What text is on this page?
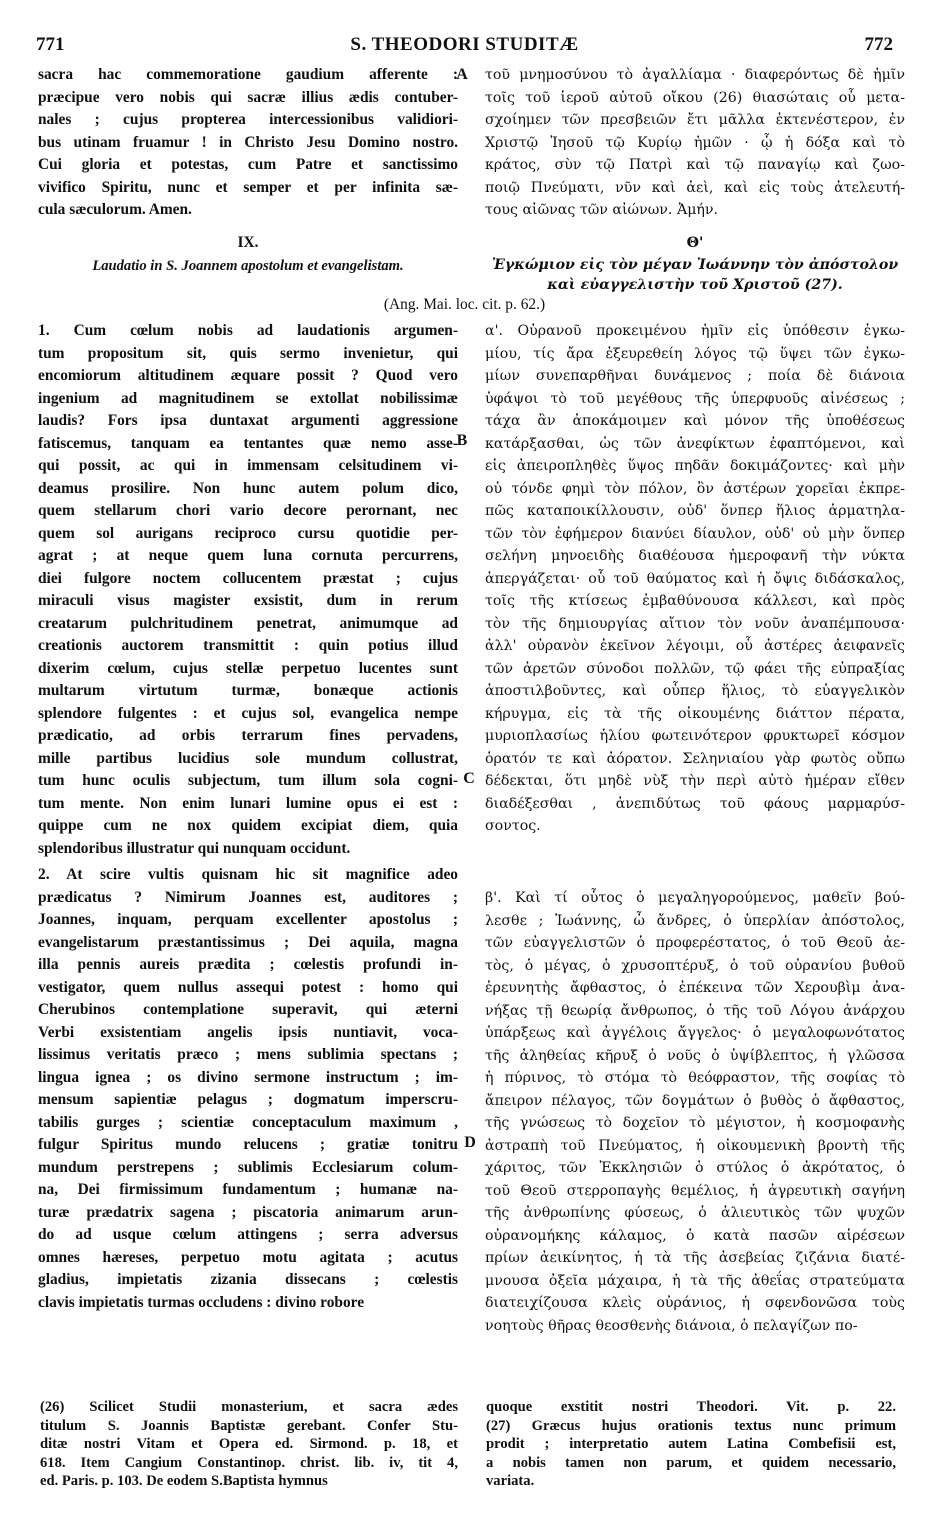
771	S. THEODORI STUDITÆ	772
sacra hac commemoratione gaudium afferente :
præcipue vero nobis qui sacræ illius ædis contuber-
nales ; cujus propterea intercessionibus validiori-
bus utinam fruamur ! in Christo Jesu Domino nostro.
Cui gloria et potestas, cum Patre et sanctissimo
vivifico Spiritu, nunc et semper et per infinita sæ-
cula sæculorum. Amen.
τοῦ μνημοσύνου τὸ ἀγαλλίαμα · διαφερόντως δὲ ἡμῖν
τοῖς τοῦ ἱεροῦ αὐτοῦ οἴκου (26) θιασώταις οὗ μετα-
σχοίημεν τῶν πρεσβειῶν ἔτι μᾶλλα ἐκτενέστερον, ἐν
Χριστῷ Ἰησοῦ τῷ Κυρίῳ ἡμῶν · ᾧ ἡ δόξα καὶ τὸ
κράτος, σὺν τῷ Πατρὶ καὶ τῷ παναγίῳ καὶ ζωο-
ποιῷ Πνεύματι, νῦν καὶ ἀεὶ, καὶ εἰς τοὺς ἀτελευτή-
τους αἰῶνας τῶν αἰώνων. Ἀμήν.
A
IX.
Laudatio in S. Joannem apostolum et evangelistam.
Θ'
Ἐγκώμιον εἰς τὸν μέγαν Ἰωάννην τὸν ἀπόστολον
καὶ εὐαγγελιστὴν τοῦ Χριστοῦ (27).
(Ang. Mai. loc. cit. p. 62.)
1. Cum cœlum nobis ad laudationis argumen-
tum propositum sit, quis sermo invenietur, qui
encomiorum altitudinem æquare possit ? Quod vero
ingenium ad magnitudinem se extollat nobilissimæ
laudis? Fors ipsa duntaxat argumenti aggressione
fatiscemus, tanquam ea tentantes quæ nemo asse-
qui possit, ac qui in immensam celsitudinem vi-
deamus prosilire. Non hunc autem polum dico,
quem stellarum chori vario decore perornant, nec
quem sol aurigans reciproco cursu quotidie per-
agrat ; at neque quem luna cornuta percurrens,
diei fulgore noctem collucentem præstat ; cujus
miraculi visus magister exsistit, dum in rerum
creatarum pulchritudinem penetrat, animumque ad
creationis auctorem transmittit : quin potius illud
dixerim cœlum, cujus stellæ perpetuo lucentes sunt
multarum virtutum turmæ, bonæque actionis
splendore fulgentes : et cujus sol, evangelica nempe
prædicatio, ad orbis terrarum fines pervadens,
mille partibus lucidius sole mundum collustrat,
tum hunc oculis subjectum, tum illum sola cogni-
tum mente. Non enim lunari lumine opus ei est :
quippe cum ne nox quidem excipiat diem, quia
splendoribus illustratur qui nunquam occidunt.
α'. Οὐρανοῦ προκειμένου ἡμῖν εἰς ὑπόθεσιν ἐγκω-
μίου, τίς ἄρα ἐξευρεθείη λόγος τῷ ὕψει τῶν ἐγκω-
μίων συνεπαρθῆναι δυνάμενος ; ποία δὲ διάνοια
ὑφάψοι τὸ τοῦ μεγέθους τῆς ὑπερφυοῦς αἰνέσεως ;
τάχα ἂν ἀποκάμοιμεν καὶ μόνον τῆς ὑποθέσεως
κατάρξασθαι, ὡς τῶν ἀνεφίκτων ἐφαπτόμενοι, καὶ
εἰς ἀπειροπληθὲς ὕψος πηδᾶν δοκιμάζοντες· καὶ μὴν
οὐ τόνδε φημὶ τὸν πόλον, ὃν ἀστέρων χορεῖαι ἐκπρε-
πῶς καταποικίλλουσιν, οὐδ' ὅνπερ ἥλιος ἁρματηλα-
τῶν τὸν ἐφήμερον διανύει δίαυλον, οὐδ' οὐ μὴν ὅνπερ
σελήνη μηνοειδὴς διαθέουσα ἡμεροφανῆ τὴν νύκτα
ἀπεργάζεται· οὗ τοῦ θαύματος καὶ ἡ ὄψις διδάσκαλος,
τοῖς τῆς κτίσεως ἐμβαθύνουσα κάλλεσι, καὶ πρὸς
τὸν τῆς δημιουργίας αἴτιον τὸν νοῦν ἀναπέμπουσα·
ἀλλ' οὐρανὸν ἐκεῖνον λέγοιμι, οὗ ἀστέρες ἀειφανεῖς
τῶν ἀρετῶν σύνοδοι πολλῶν, τῷ φάει τῆς εὐπραξίας
ἀποστιλβοῦντες, καὶ οὗπερ ἥλιος, τὸ εὐαγγελικὸν
κήρυγμα, εἰς τὰ τῆς οἰκουμένης διάττον πέρατα,
μυριοπλασίως ἡλίου φωτεινότερον φρυκτωρεῖ κόσμον
ὁρατόν τε καὶ ἀόρατον. Σεληνιαίου γὰρ φωτὸς οὔπω
δέδεκται, ὅτι μηδὲ νὺξ τὴν περὶ αὐτὸ ἡμέραν εἴθεν
διαδέξεσθαι , ἀνεπιδύτως τοῦ φάους μαρμαρύσ-
σοντος.
B
C
2. At scire vultis quisnam hic sit magnifice adeo
prædicatus ? Nimirum Joannes est, auditores ;
Joannes, inquam, perquam excellenter apostolus ;
evangelistarum præstantissimus ; Dei aquila, magna
illa pennis aureis prædita ; cœlestis profundi in-
vestigator, quem nullus assequi potest : homo qui
Cherubinos contemplatione superavit, qui æterni
Verbi exsistentiam angelis ipsis nuntiavit, voca-
lissimus veritatis præco ; mens sublimia spectans ;
lingua ignea ; os divino sermone instructum ; im-
mensum sapientiæ pelagus ; dogmatum imperscru-
tabilis gurges ; scientiæ conceptaculum maximum ,
fulgur Spiritus mundo relucens ; gratiæ tonitru
mundum perstrepens ; sublimis Ecclesiarum colum-
na, Dei firmissimum fundamentum ; humanæ na-
turæ prædatrix sagena ; piscatoria animarum arun-
do ad usque cœlum attingens ; serra adversus
omnes hæreses, perpetuo motu agitata ; acutus
gladius, impietatis zizania dissecans ; cœlestis
clavis impietatis turmas occludens : divino robore
β'. Καὶ τί οὗτος ὁ μεγαληγορούμενος, μαθεῖν βού-
λεσθε ; Ἰωάννης, ὦ ἄνδρες, ὁ ὑπερλίαν ἀπόστολος,
τῶν εὐαγγελιστῶν ὁ προφερέστατος, ὁ τοῦ Θεοῦ ἀε-
τὸς, ὁ μέγας, ὁ χρυσοπτέρυξ, ὁ τοῦ οὐρανίου βυθοῦ
ἐρευνητὴς ἄφθαστος, ὁ ἐπέκεινα τῶν Χερουβὶμ ἀνα-
νήξας τῇ θεωρίᾳ ἄνθρωπος, ὁ τῆς τοῦ Λόγου ἀνάρχου
ὑπάρξεως καὶ ἀγγέλοις ἄγγελος· ὁ μεγαλοφωνότατος
τῆς ἀληθείας κῆρυξ ὁ νοῦς ὁ ὑψίβλεπτος, ἡ γλῶσσα
ἡ πύρινος, τὸ στόμα τὸ θεόφραστον, τῆς σοφίας τὸ
ἄπειρον πέλαγος, τῶν δογμάτων ὁ βυθὸς ὁ ἄφθαστος,
τῆς γνώσεως τὸ δοχεῖον τὸ μέγιστον, ἡ κοσμοφανὴς
ἀστραπὴ τοῦ Πνεύματος, ἡ οἰκουμενικὴ βροντὴ τῆς
χάριτος, τῶν Ἐκκλησιῶν ὁ στύλος ὁ ἀκρότατος, ὁ
τοῦ Θεοῦ στερροπαγὴς θεμέλιος, ἡ ἀγρευτικὴ σαγήνη
τῆς ἀνθρωπίνης φύσεως, ὁ ἁλιευτικὸς τῶν ψυχῶν
οὐρανομήκης κάλαμος, ὁ κατὰ πασῶν αἱρέσεων
πρίων ἀεικίνητος, ἡ τὰ τῆς ἀσεβείας ζιζάνια διατέ-
μνουσα ὀξεῖα μάχαιρα, ἡ τὰ τῆς ἀθεΐας στρατεύματα
διατειχίζουσα κλεὶς οὐράνιος, ἡ σφενδονῶσα τοὺς
νοητοὺς θῆρας θεοσθενὴς διάνοια, ὁ πελαγίζων πο-
D
(26) Scilicet Studii monasterium, et sacra ædes
titulum S. Joannis Baptistæ gerebant. Confer Stu-
ditæ nostri Vitam et Opera ed. Sirmond. p. 18, et
618. Item Cangium Constantinop. christ. lib. iv, tit 4,
ed. Paris. p. 103. De eodem S.Baptista hymnus
quoque exstitit nostri Theodori. Vit. p. 22.
(27) Græcus hujus orationis textus nunc primum
prodit ; interpretatio autem Latina Combefisii est,
a nobis tamen non parum, et quidem necessario,
variata.
